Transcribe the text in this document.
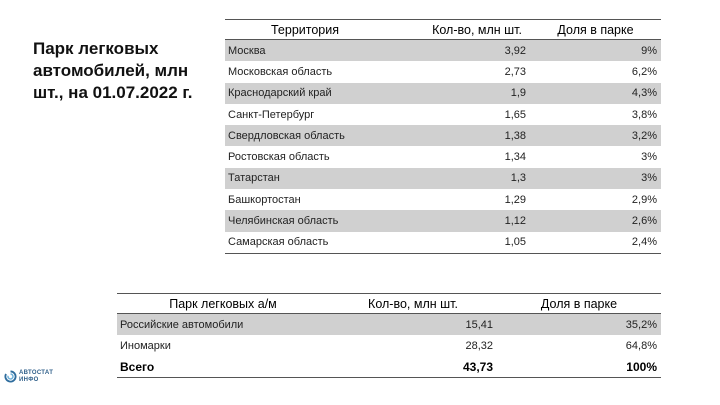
Парк легковых автомобилей, млн шт., на 01.07.2022 г.
Территория	Кол-во, млн шт.	Доля в парке
Москва	3,92	9%
Московская область	2,73	6,2%
Краснодарский край	1,9	4,3%
Санкт-Петербург	1,65	3,8%
Свердловская область	1,38	3,2%
Ростовская область	1,34	3%
Татарстан	1,3	3%
Башкортостан	1,29	2,9%
Челябинская область	1,12	2,6%
Самарская область	1,05	2,4%
Парк легковых а/м	Кол-во, млн шт.	Доля в парке
Российские автомобили	15,41	35,2%
Иномарки	28,32	64,8%
Всего	43,73	100%
АВТОСТАТ
ИНФО
